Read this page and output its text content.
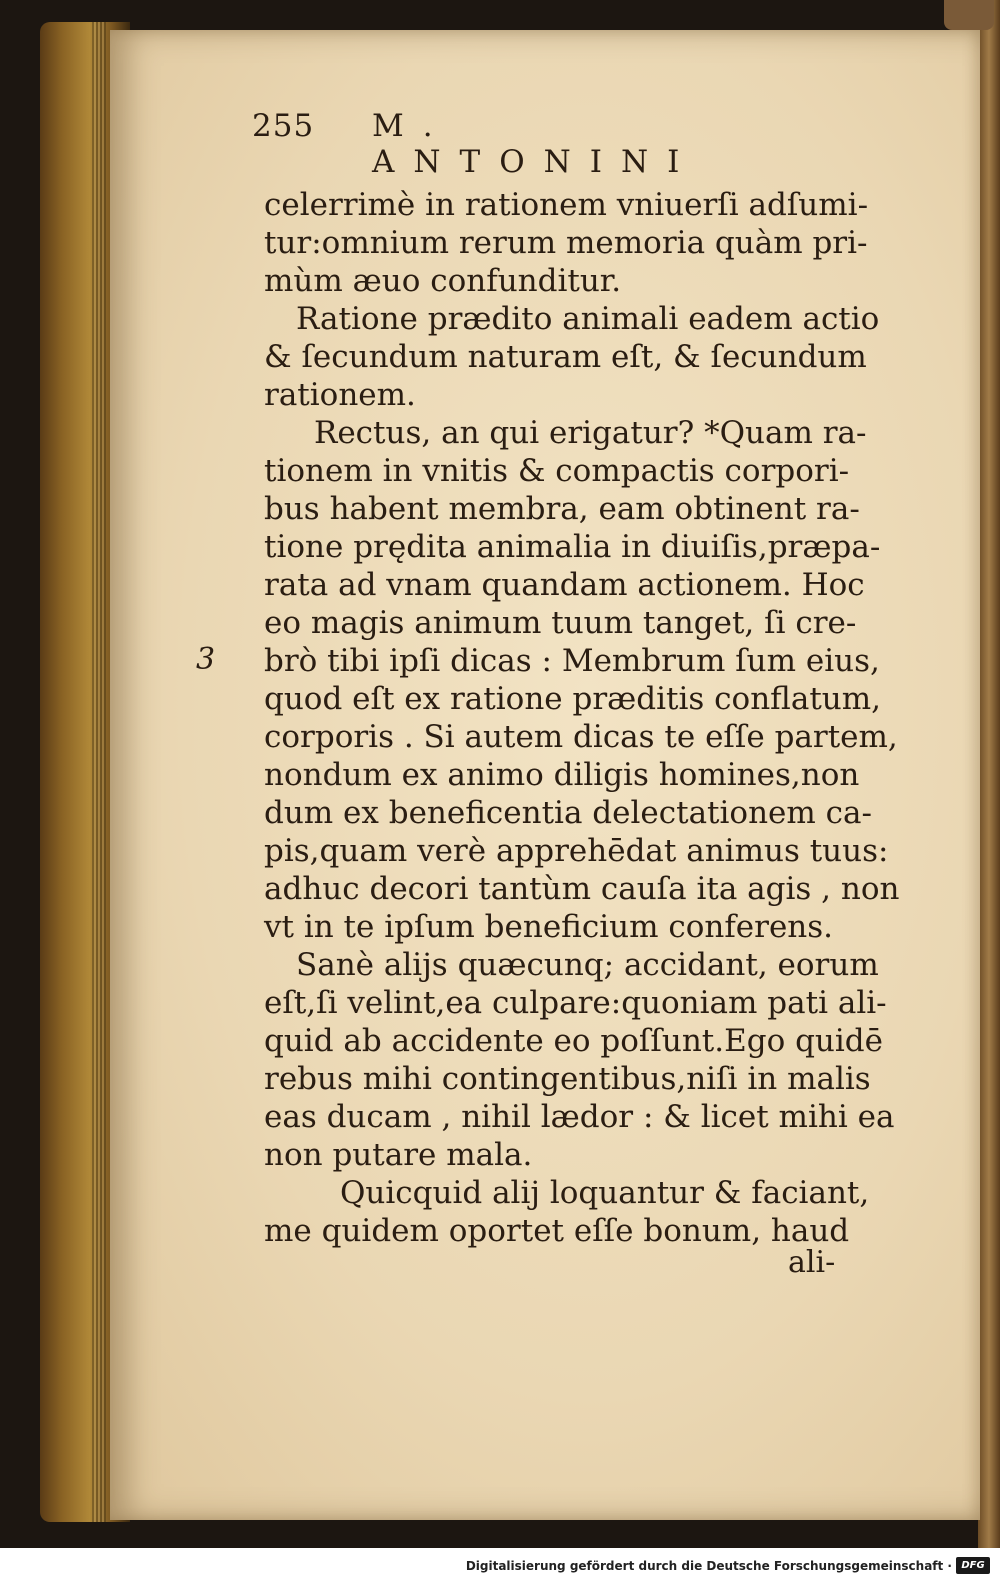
255 M. ANTONINI
3
celerrimè in rationem vniuerſi adſumi-
tur:omnium rerum memoria quàm pri-
mùm æuo confunditur.
Ratione prædito animali eadem actio
& ſecundum naturam eſt, & ſecundum
rationem.
Rectus, an qui erigatur? *Quam ra-
tionem in vnitis & compactis corpori-
bus habent membra, eam obtinent ra-
tione prędita animalia in diuiſis,præpa-
rata ad vnam quandam actionem. Hoc
eo magis animum tuum tanget, ſi cre-
brò tibi ipſi dicas : Membrum ſum eius,
quod eſt ex ratione præditis conflatum,
corporis . Si autem dicas te eſſe partem,
nondum ex animo diligis homines,non
dum ex beneficentia delectationem ca-
pis,quam verè apprehēdat animus tuus:
adhuc decori tantùm cauſa ita agis , non
vt in te ipſum beneficium conferens.
Sanè alijs quæcunq; accidant, eorum
eſt,ſi velint,ea culpare:quoniam pati ali-
quid ab accidente eo poſſunt.Ego quidē
rebus mihi contingentibus,niſi in malis
eas ducam , nihil lædor : & licet mihi ea
non putare mala.
Quicquid alij loquantur & faciant,
me quidem oportet eſſe bonum, haud
ali-
Digitalisierung gefördert durch die Deutsche Forschungsgemeinschaft · DFG
